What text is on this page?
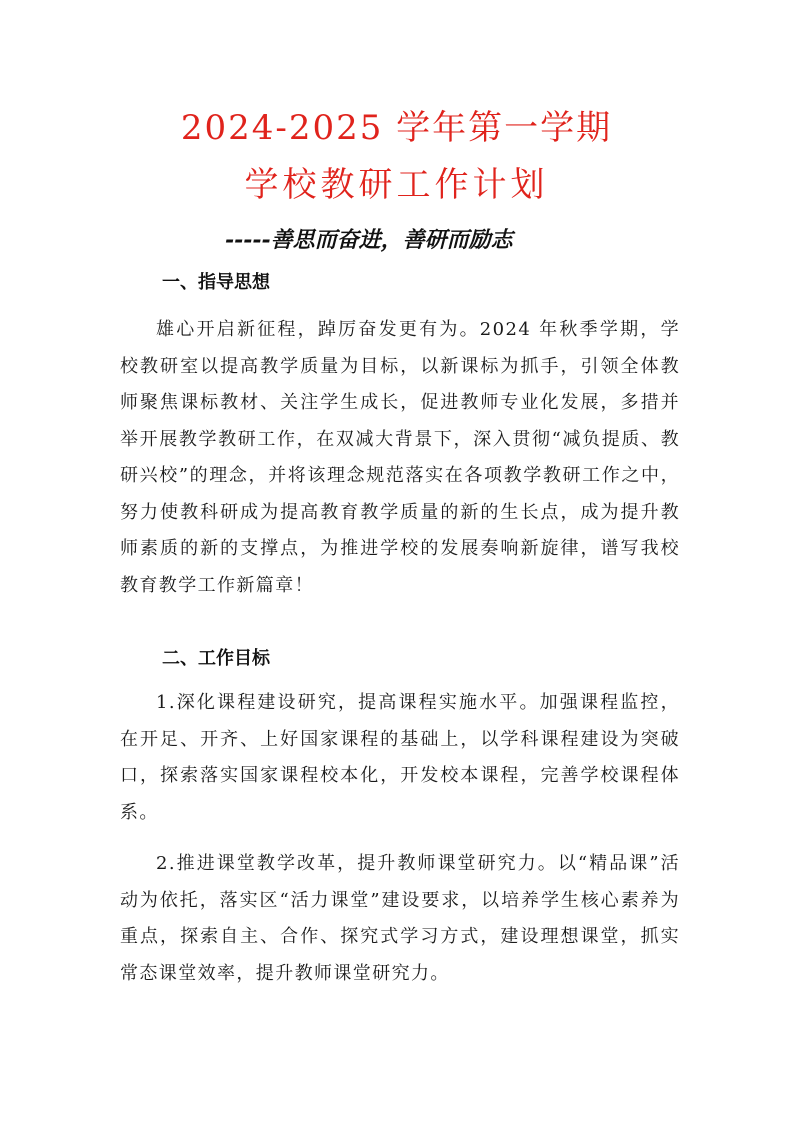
2024-2025 学年第一学期
学校教研工作计划
-----善思而奋进，善研而励志
一、指导思想

雄心开启新征程，踔厉奋发更有为。2024 年秋季学期，学校教研室以提高教学质量为目标，以新课标为抓手，引领全体教师聚焦课标教材、关注学生成长，促进教师专业化发展，多措并举开展教学教研工作，在双减大背景下，深入贯彻“减负提质、教研兴校”的理念，并将该理念规范落实在各项教学教研工作之中，努力使教科研成为提高教育教学质量的新的生长点，成为提升教师素质的新的支撑点，为推进学校的发展奏响新旋律，谱写我校教育教学工作新篇章！

二、工作目标

1.深化课程建设研究，提高课程实施水平。加强课程监控，在开足、开齐、上好国家课程的基础上，以学科课程建设为突破口，探索落实国家课程校本化，开发校本课程，完善学校课程体系。

2.推进课堂教学改革，提升教师课堂研究力。以“精品课”活动为依托，落实区“活力课堂”建设要求，以培养学生核心素养为重点，探索自主、合作、探究式学习方式，建设理想课堂，抓实常态课堂效率，提升教师课堂研究力。
